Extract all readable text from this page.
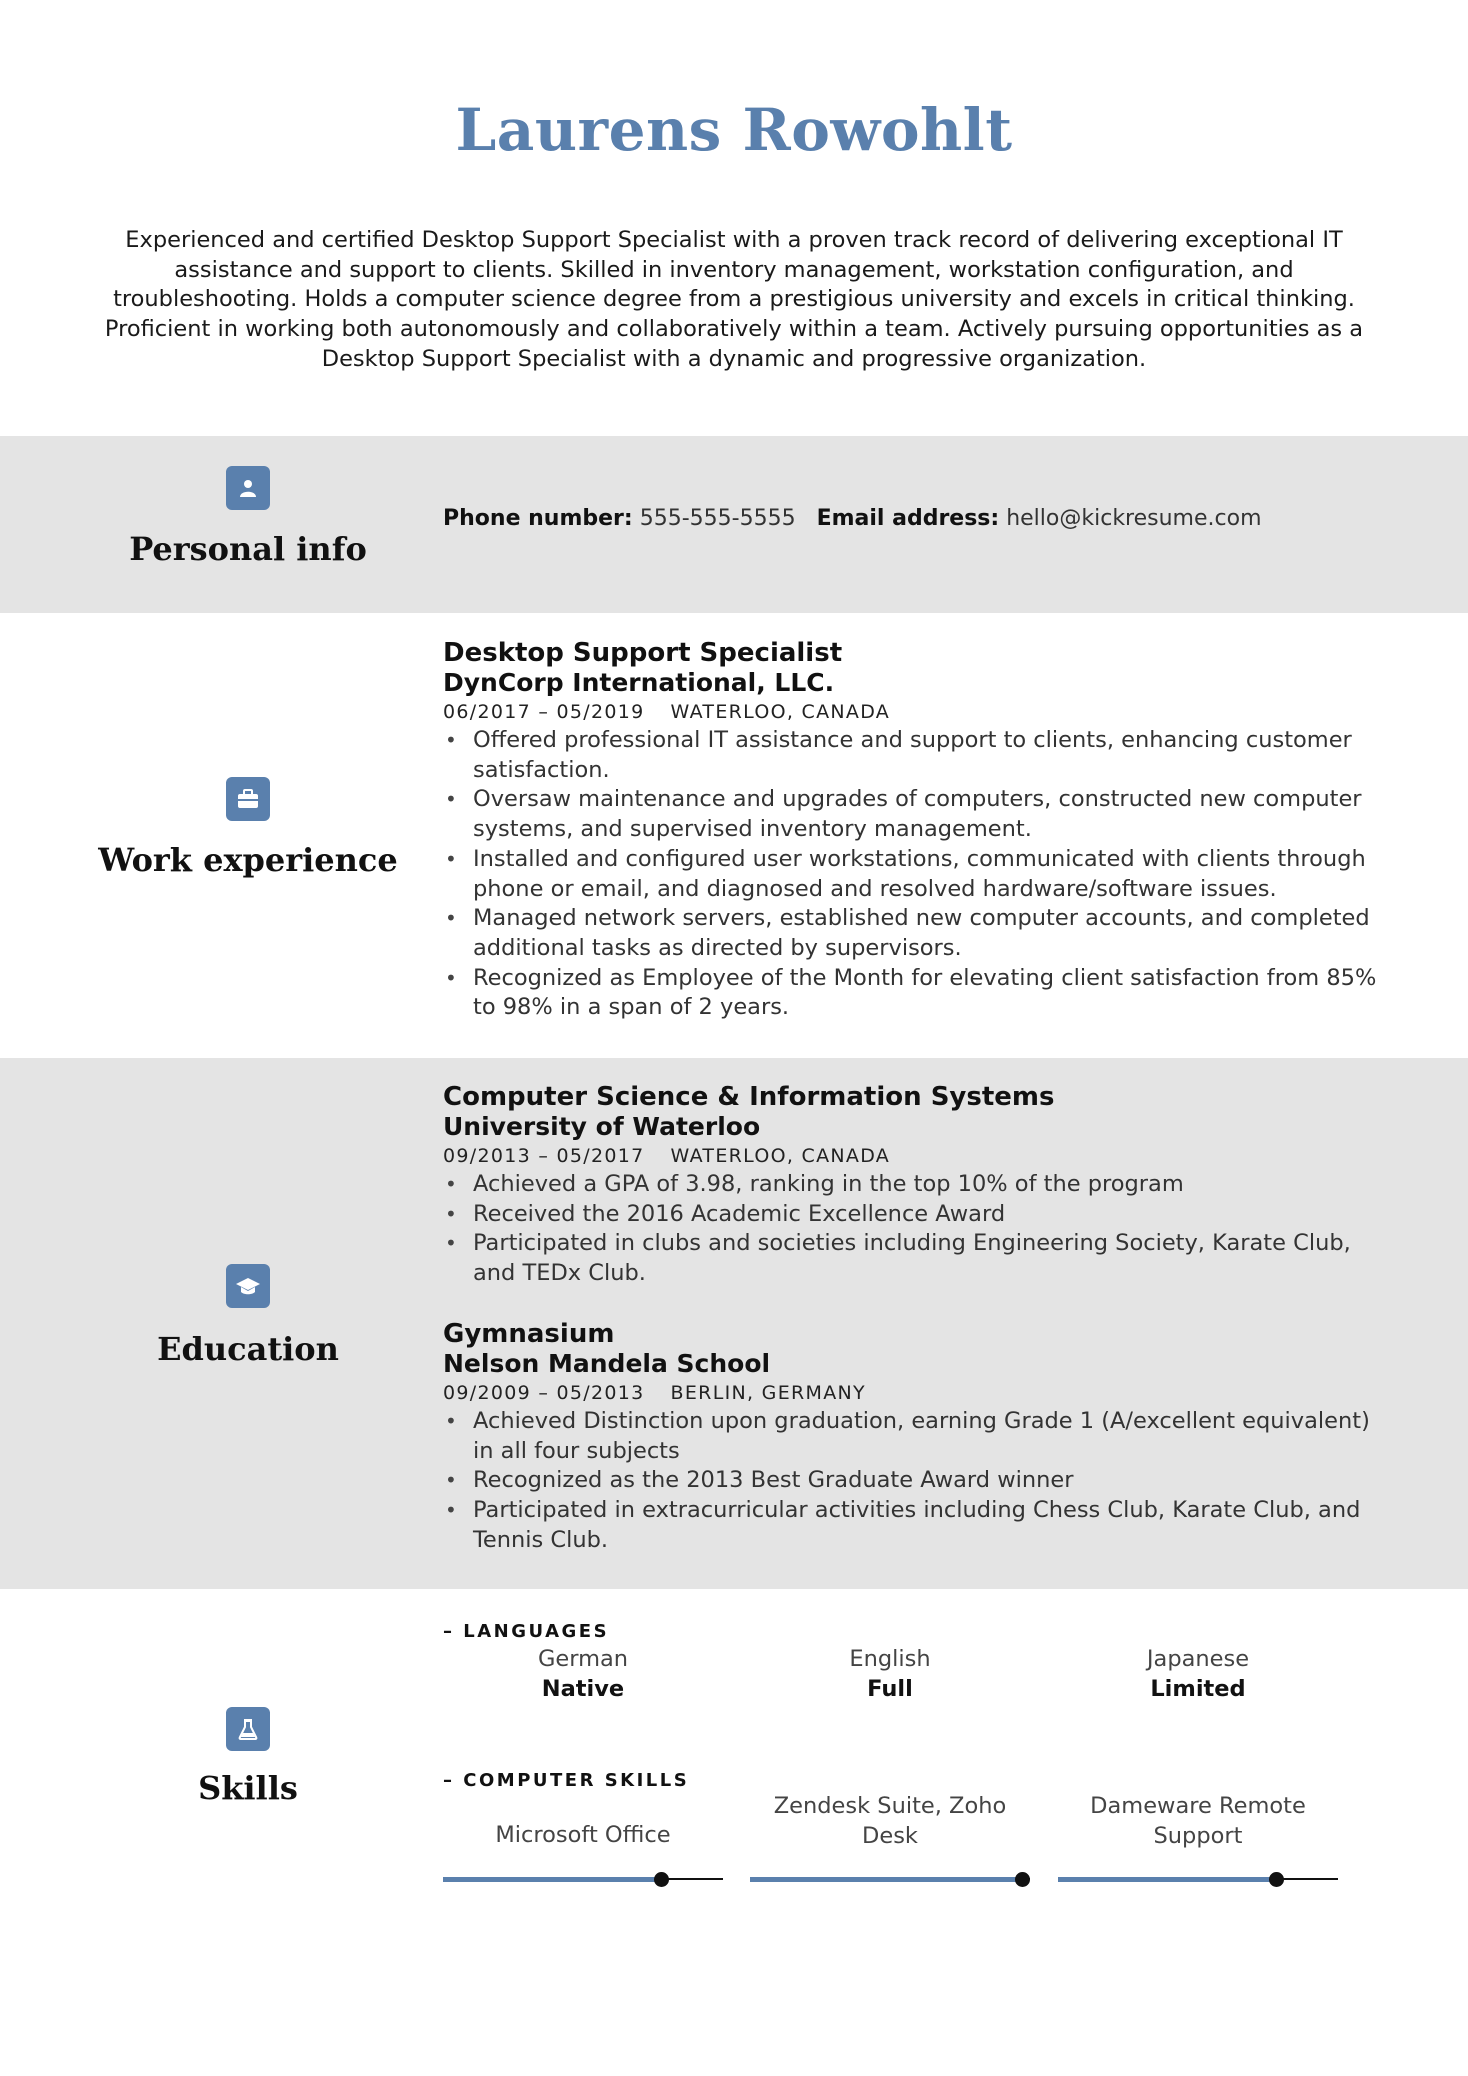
Laurens Rowohlt
Experienced and certified Desktop Support Specialist with a proven track record of delivering exceptional IT assistance and support to clients. Skilled in inventory management, workstation configuration, and troubleshooting. Holds a computer science degree from a prestigious university and excels in critical thinking. Proficient in working both autonomously and collaboratively within a team. Actively pursuing opportunities as a Desktop Support Specialist with a dynamic and progressive organization.
Personal info
Phone number: 555-555-5555 Email address: hello@kickresume.com
Work experience
Desktop Support Specialist
DynCorp International, LLC.
06/2017 – 05/2019 WATERLOO, CANADA
• Offered professional IT assistance and support to clients, enhancing customer satisfaction.
• Oversaw maintenance and upgrades of computers, constructed new computer systems, and supervised inventory management.
• Installed and configured user workstations, communicated with clients through phone or email, and diagnosed and resolved hardware/software issues.
• Managed network servers, established new computer accounts, and completed additional tasks as directed by supervisors.
• Recognized as Employee of the Month for elevating client satisfaction from 85% to 98% in a span of 2 years.
Education
Computer Science & Information Systems
University of Waterloo
09/2013 – 05/2017 WATERLOO, CANADA
• Achieved a GPA of 3.98, ranking in the top 10% of the program
• Received the 2016 Academic Excellence Award
• Participated in clubs and societies including Engineering Society, Karate Club, and TEDx Club.
Gymnasium
Nelson Mandela School
09/2009 – 05/2013 BERLIN, GERMANY
• Achieved Distinction upon graduation, earning Grade 1 (A/excellent equivalent) in all four subjects
• Recognized as the 2013 Best Graduate Award winner
• Participated in extracurricular activities including Chess Club, Karate Club, and Tennis Club.
Skills
– LANGUAGES
German
Native
English
Full
Japanese
Limited
– COMPUTER SKILLS
Microsoft Office
Zendesk Suite, Zoho Desk
Dameware Remote Support
